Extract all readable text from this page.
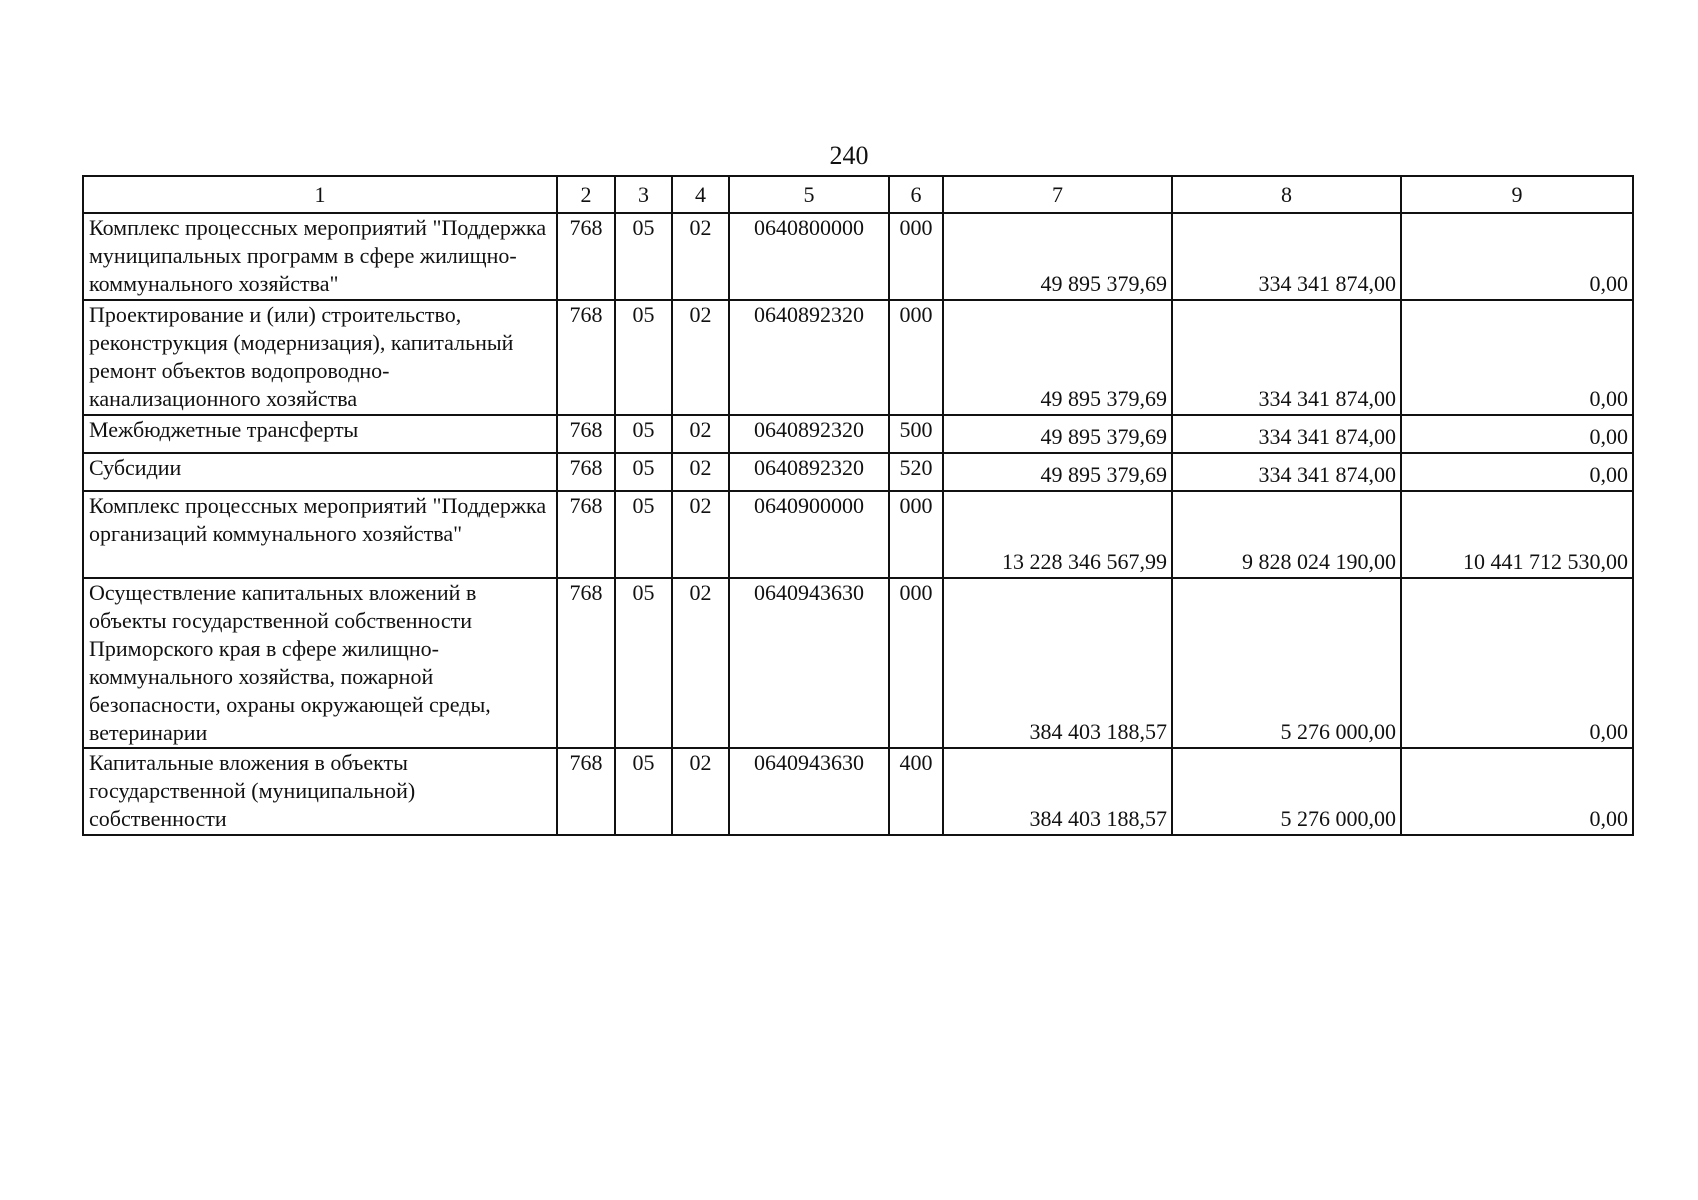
240
1	2	3	4	5	6	7	8	9
Комплекс процессных мероприятий "Поддержка муниципальных программ в сфере жилищно-коммунального хозяйства"	768	05	02	0640800000	000	49 895 379,69	334 341 874,00	0,00
Проектирование и (или) строительство, реконструкция (модернизация), капитальный ремонт объектов водопроводно-канализационного хозяйства	768	05	02	0640892320	000	49 895 379,69	334 341 874,00	0,00
Межбюджетные трансферты	768	05	02	0640892320	500	49 895 379,69	334 341 874,00	0,00
Субсидии	768	05	02	0640892320	520	49 895 379,69	334 341 874,00	0,00
Комплекс процессных мероприятий "Поддержка организаций коммунального хозяйства"	768	05	02	0640900000	000	13 228 346 567,99	9 828 024 190,00	10 441 712 530,00
Осуществление капитальных вложений в объекты государственной собственности Приморского края в сфере жилищно-коммунального хозяйства, пожарной безопасности, охраны окружающей среды, ветеринарии	768	05	02	0640943630	000	384 403 188,57	5 276 000,00	0,00
Капитальные вложения в объекты государственной (муниципальной) собственности	768	05	02	0640943630	400	384 403 188,57	5 276 000,00	0,00
